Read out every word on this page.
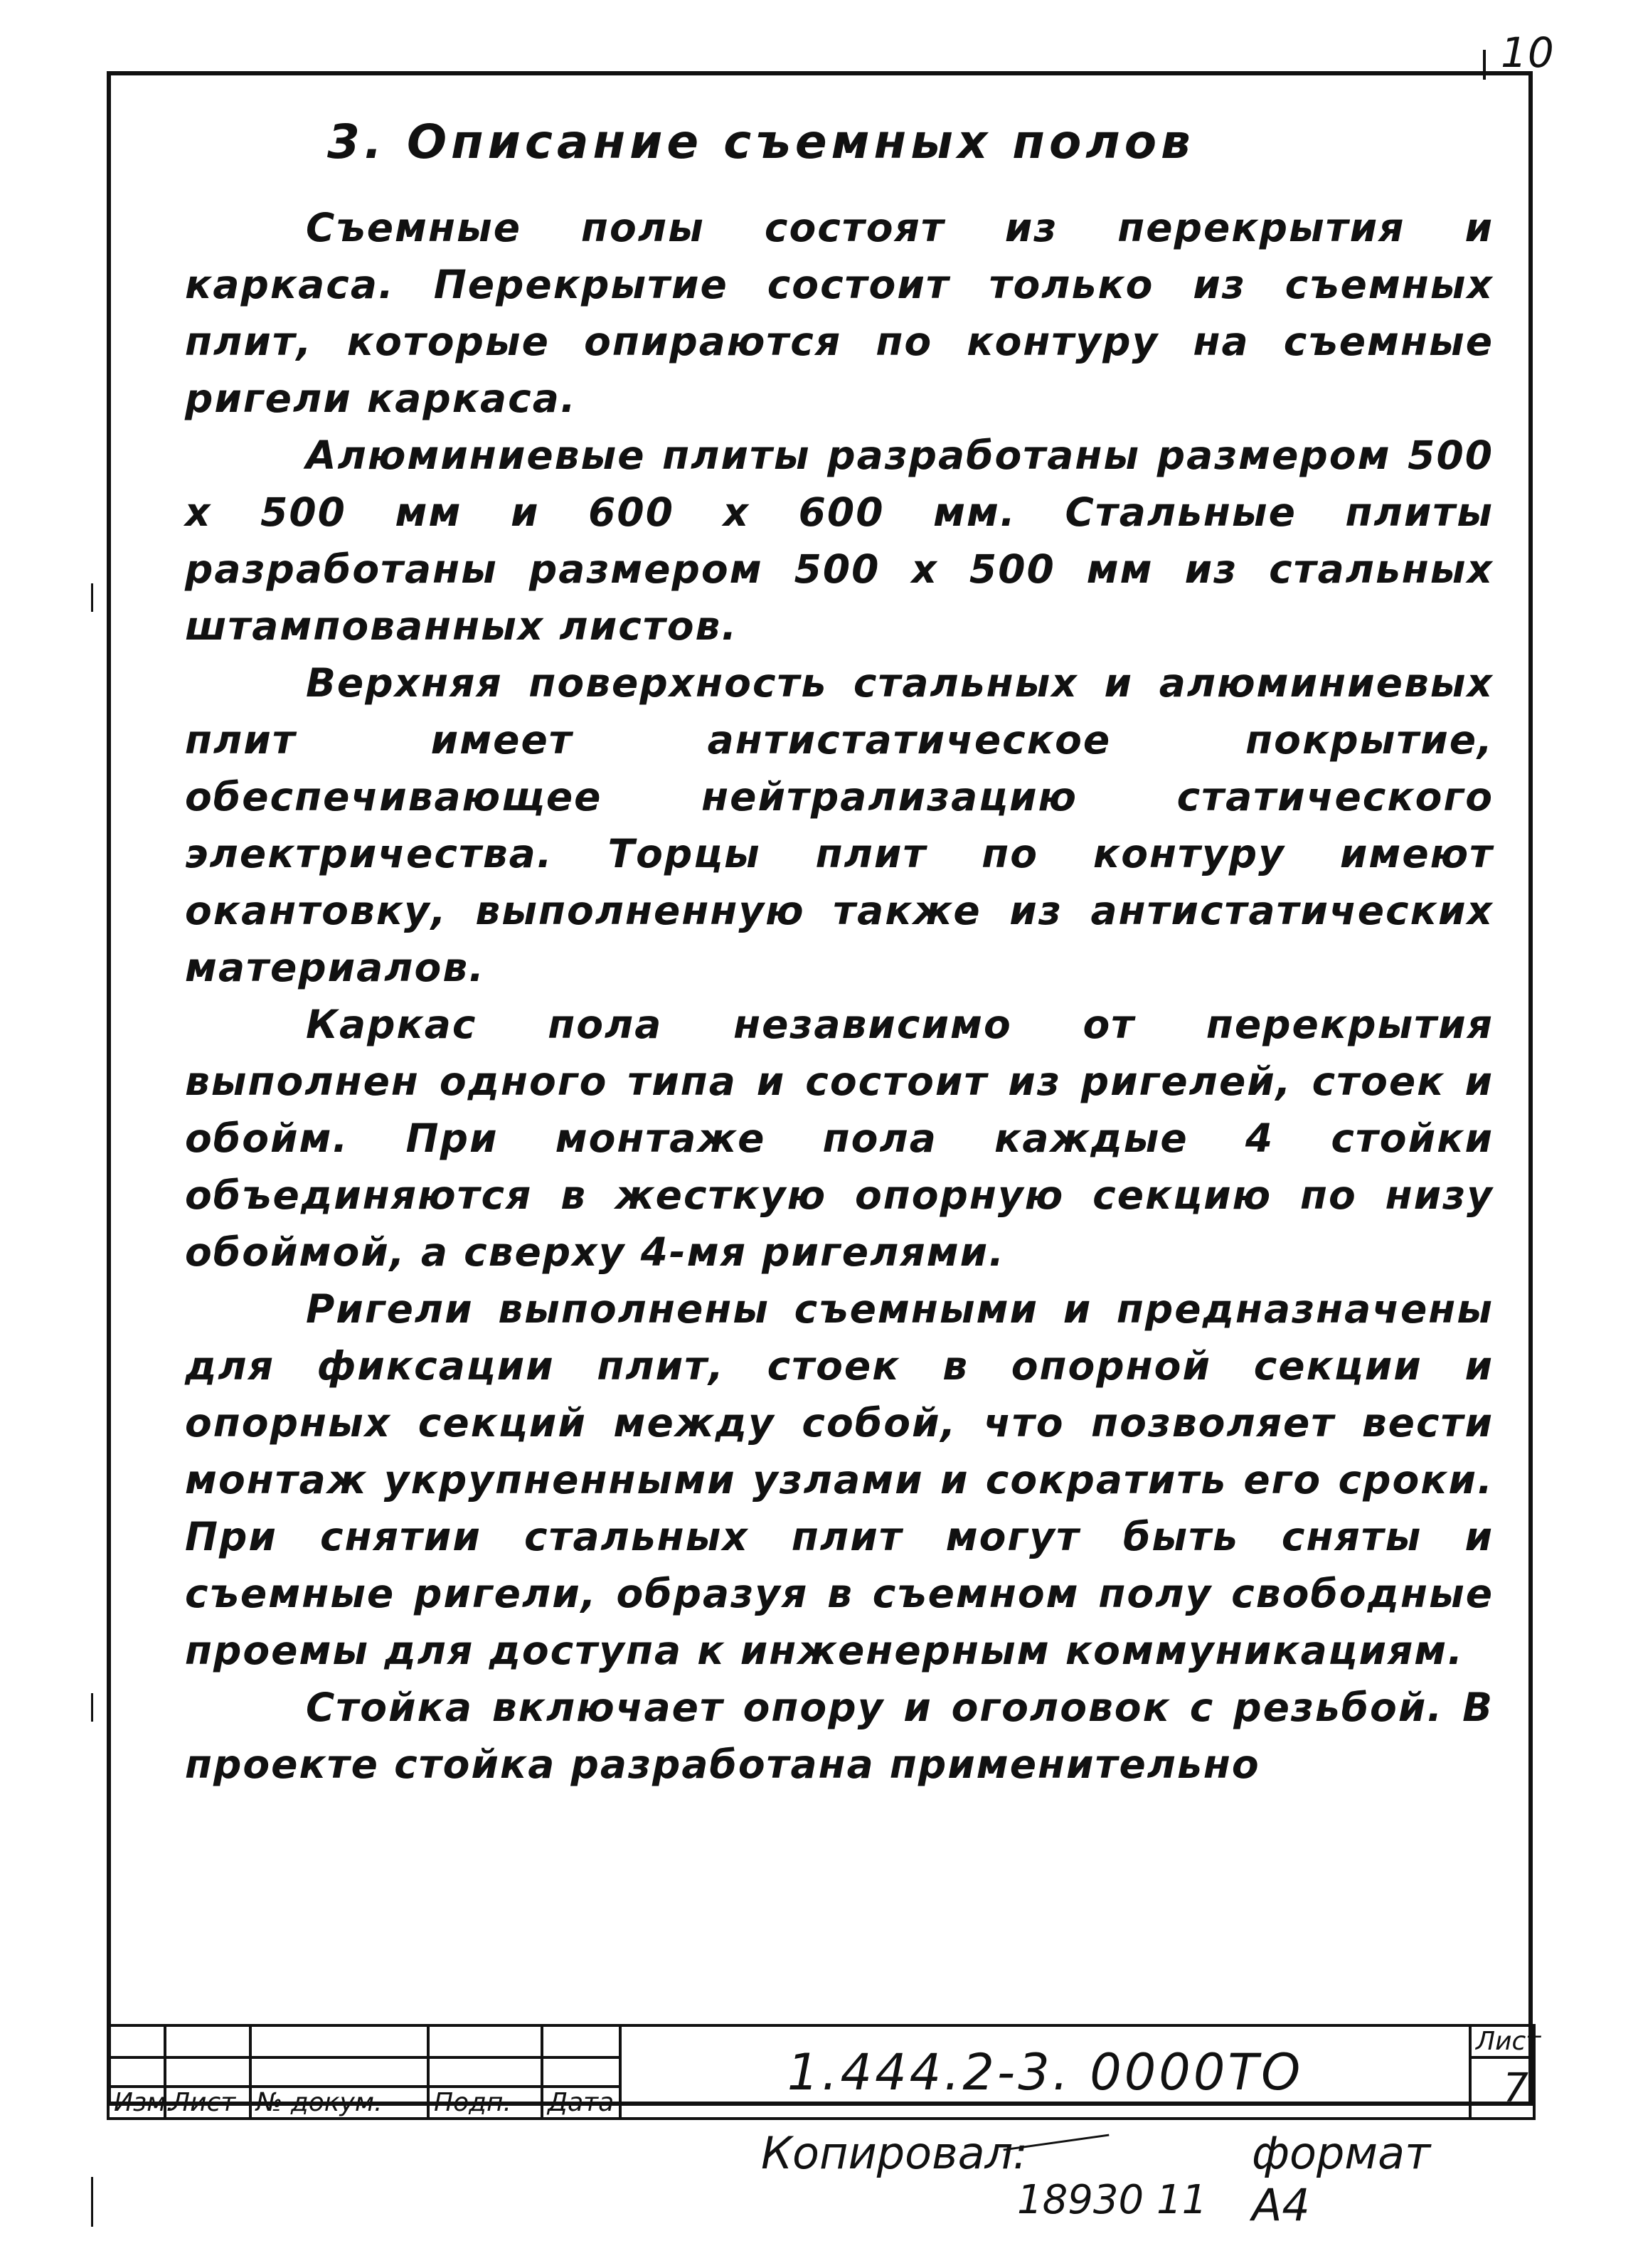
10
3. Описание съемных полов

Съемные полы состоят из перекрытия и каркаса. Перекрытие состоит только из съемных плит, которые опираются по контуру на съемные ригели каркаса.

Алюминиевые плиты разработаны размером 500 х 500 мм и 600 х 600 мм. Стальные плиты разработаны размером 500 х 500 мм из стальных штампованных листов.

Верхняя поверхность стальных и алюминиевых плит имеет антистатическое покрытие, обеспечивающее нейтрализацию статического электричества. Торцы плит по контуру имеют окантовку, выполненную также из антистатических материалов.

Каркас пола независимо от перекрытия выполнен одного типа и состоит из ригелей, стоек и обойм. При монтаже пола каждые 4 стойки объединяются в жесткую опорную секцию по низу обоймой, а сверху 4-мя ригелями.

Ригели выполнены съемными и предназначены для фиксации плит, стоек в опорной секции и опорных секций между собой, что позволяет вести монтаж укрупненными узлами и сократить его сроки. При снятии стальных плит могут быть сняты и съемные ригели, образуя в съемном полу свободные проемы для доступа к инженерным коммуникациям.

Стойка включает опору и оголовок с резьбой. В проекте стойка разработана применительно

					1.444.2-3. 0000ТО	Лист
						7
Изм.	Лист	№ докум.	Подп.	Дата		
Копировал:
18930 11
формат А4
